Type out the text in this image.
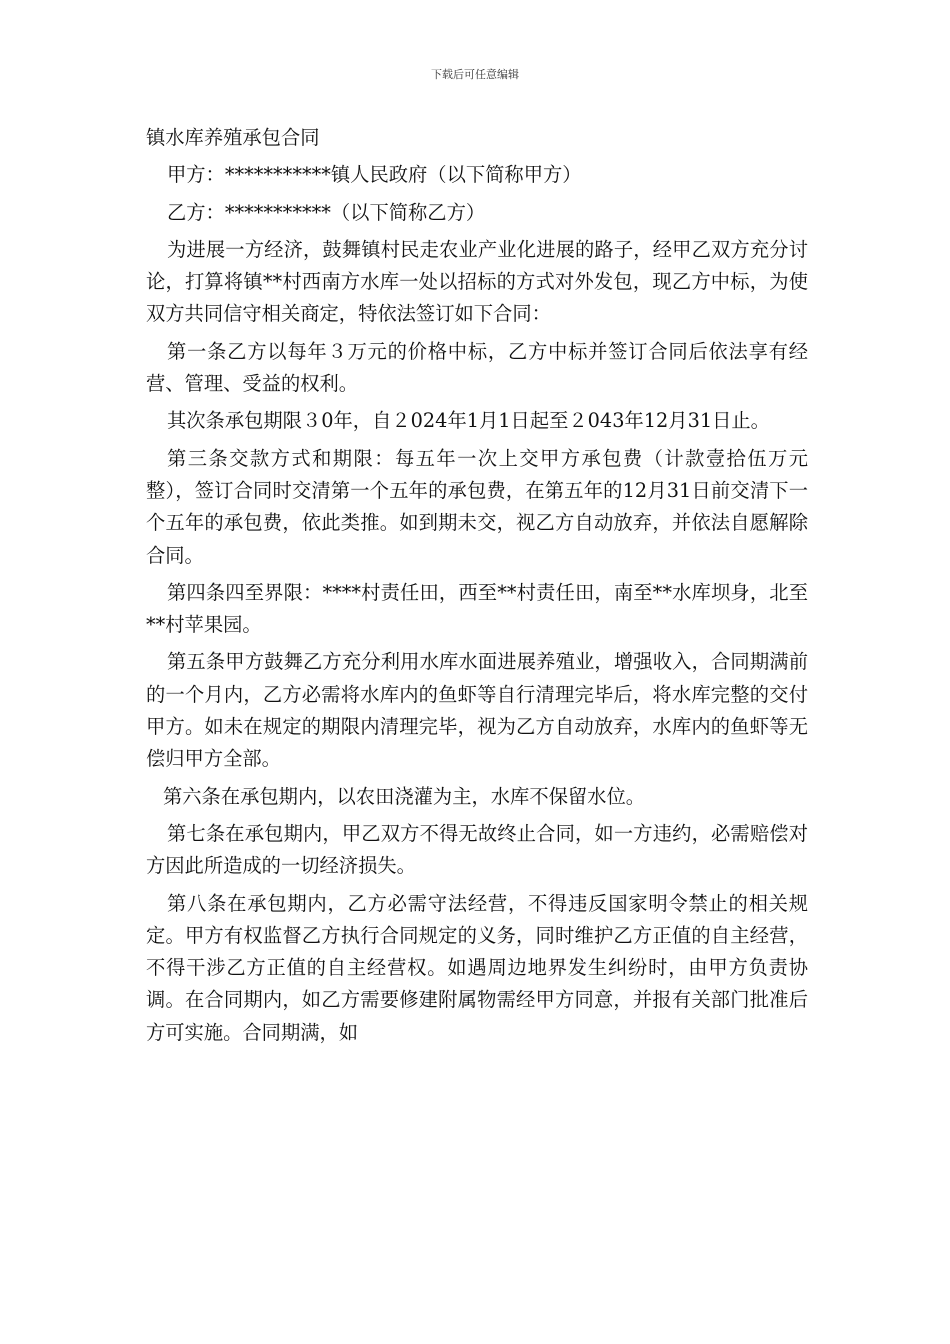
下载后可任意编辑

镇水库养殖承包合同

甲方：***********镇人民政府（以下简称甲方）

乙方：***********（以下简称乙方）

为进展一方经济，鼓舞镇村民走农业产业化进展的路子，经甲乙双方充分讨论，打算将镇**村西南方水库一处以招标的方式对外发包，现乙方中标，为使双方共同信守相关商定，特依法签订如下合同：

第一条乙方以每年３万元的价格中标，乙方中标并签订合同后依法享有经营、管理、受益的权利。

其次条承包期限３0年，自２024年1月1日起至２043年12月31日止。

第三条交款方式和期限：每五年一次上交甲方承包费（计款壹拾伍万元整），签订合同时交清第一个五年的承包费，在第五年的12月31日前交清下一个五年的承包费，依此类推。如到期未交，视乙方自动放弃，并依法自愿解除合同。

第四条四至界限：****村责任田，西至**村责任田，南至**水库坝身，北至**村苹果园。

第五条甲方鼓舞乙方充分利用水库水面进展养殖业，增强收入，合同期满前的一个月内，乙方必需将水库内的鱼虾等自行清理完毕后，将水库完整的交付甲方。如未在规定的期限内清理完毕，视为乙方自动放弃，水库内的鱼虾等无偿归甲方全部。

第六条在承包期内，以农田浇灌为主，水库不保留水位。

第七条在承包期内，甲乙双方不得无故终止合同，如一方违约，必需赔偿对方因此所造成的一切经济损失。

第八条在承包期内，乙方必需守法经营，不得违反国家明令禁止的相关规定。甲方有权监督乙方执行合同规定的义务，同时维护乙方正值的自主经营，不得干涉乙方正值的自主经营权。如遇周边地界发生纠纷时，由甲方负责协调。在合同期内，如乙方需要修建附属物需经甲方同意，并报有关部门批准后方可实施。合同期满，如
